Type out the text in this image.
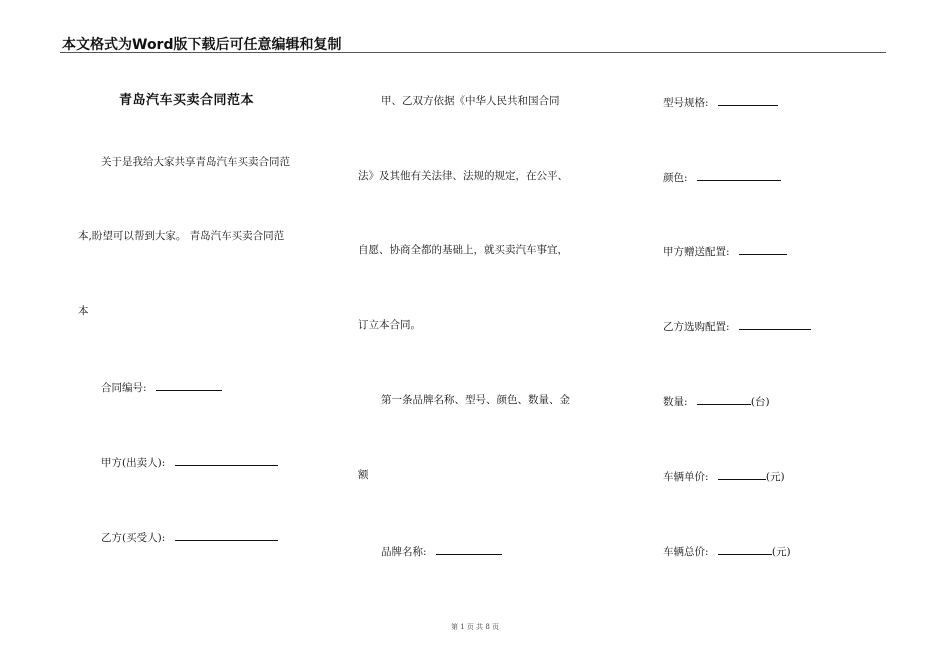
本文格式为Word版下载后可任意编辑和复制
青岛汽车买卖合同范本
关于是我给大家共享青岛汽车买卖合同范
本,盼望可以帮到大家。 青岛汽车买卖合同范
本
合同编号:
甲方(出卖人):
乙方(买受人):
甲、乙双方依据《中华人民共和国合同
法》及其他有关法律、法规的规定，在公平、
自愿、协商全都的基础上，就买卖汽车事宜，
订立本合同。
第一条品牌名称、型号、颜色、数量、金
额
品牌名称:
型号规格:
颜色:
甲方赠送配置:
乙方选购配置:
数量:	(台)
车辆单价:	(元)
车辆总价:	(元)
第 1 页 共 8 页
